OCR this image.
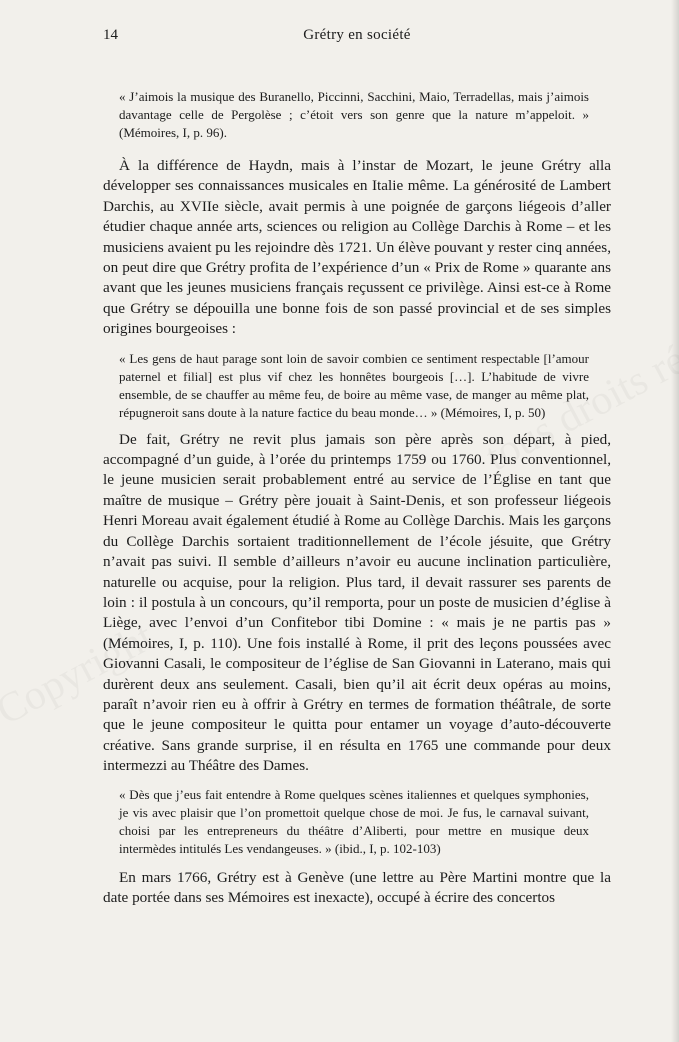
14	Grétry en société

« J’aimois la musique des Buranello, Piccinni, Sacchini, Maio, Terradellas, mais j’aimois davantage celle de Pergolèse ; c’étoit vers son genre que la nature m’appeloit. » (Mémoires, I, p. 96).

À la différence de Haydn, mais à l’instar de Mozart, le jeune Grétry alla développer ses connaissances musicales en Italie même. La générosité de Lambert Darchis, au XVIIe siècle, avait permis à une poignée de garçons liégeois d’aller étudier chaque année arts, sciences ou religion au Collège Darchis à Rome – et les musiciens avaient pu les rejoindre dès 1721. Un élève pouvant y rester cinq années, on peut dire que Grétry profita de l’expérience d’un « Prix de Rome » quarante ans avant que les jeunes musiciens français reçussent ce privilège. Ainsi est-ce à Rome que Grétry se dépouilla une bonne fois de son passé provincial et de ses simples origines bourgeoises :

« Les gens de haut parage sont loin de savoir combien ce sentiment respectable [l’amour paternel et filial] est plus vif chez les honnêtes bourgeois […]. L’habitude de vivre ensemble, de se chauffer au même feu, de boire au même vase, de manger au même plat, répugneroit sans doute à la nature factice du beau monde… » (Mémoires, I, p. 50)

De fait, Grétry ne revit plus jamais son père après son départ, à pied, accompagné d’un guide, à l’orée du printemps 1759 ou 1760. Plus conventionnel, le jeune musicien serait probablement entré au service de l’Église en tant que maître de musique – Grétry père jouait à Saint-Denis, et son professeur liégeois Henri Moreau avait également étudié à Rome au Collège Darchis. Mais les garçons du Collège Darchis sortaient traditionnellement de l’école jésuite, que Grétry n’avait pas suivi. Il semble d’ailleurs n’avoir eu aucune inclination particulière, naturelle ou acquise, pour la religion. Plus tard, il devait rassurer ses parents de loin : il postula à un concours, qu’il remporta, pour un poste de musicien d’église à Liège, avec l’envoi d’un Confitebor tibi Domine : « mais je ne partis pas » (Mémoires, I, p. 110). Une fois installé à Rome, il prit des leçons poussées avec Giovanni Casali, le compositeur de l’église de San Giovanni in Laterano, mais qui durèrent deux ans seulement. Casali, bien qu’il ait écrit deux opéras au moins, paraît n’avoir rien eu à offrir à Grétry en termes de formation théâtrale, de sorte que le jeune compositeur le quitta pour entamer un voyage d’auto-découverte créative. Sans grande surprise, il en résulta en 1765 une commande pour deux intermezzi au Théâtre des Dames.

« Dès que j’eus fait entendre à Rome quelques scènes italiennes et quelques symphonies, je vis avec plaisir que l’on promettoit quelque chose de moi. Je fus, le carnaval suivant, choisi par les entrepreneurs du théâtre d’Aliberti, pour mettre en musique deux intermèdes intitulés Les vendangeuses. » (ibid., I, p. 102-103)

En mars 1766, Grétry est à Genève (une lettre au Père Martini montre que la date portée dans ses Mémoires est inexacte), occupé à écrire des concertos
